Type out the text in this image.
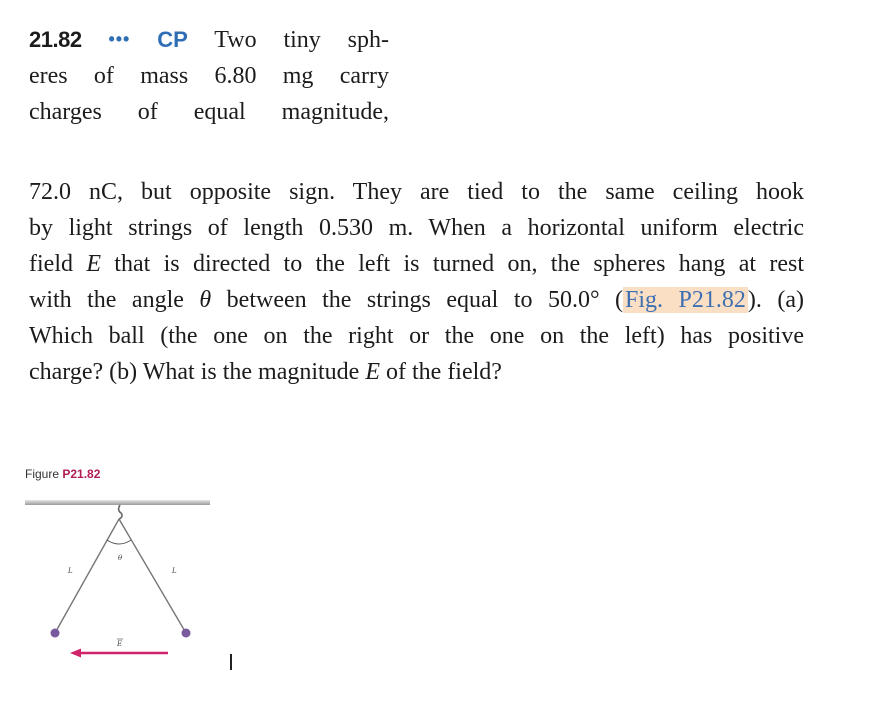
21.82 ••• CP Two tiny sph-
eres of mass 6.80 mg carry
charges of equal magnitude,
72.0 nC, but opposite sign. They are tied to the same ceiling hook
by light strings of length 0.530 m. When a horizontal uniform electric
field E that is directed to the left is turned on, the spheres hang at rest
with the angle θ between the strings equal to 50.0° (Fig. P21.82). (a)
Which ball (the one on the right or the one on the left) has positive
charge? (b) What is the magnitude E of the field?
Figure P21.82
θ
L	L
E
